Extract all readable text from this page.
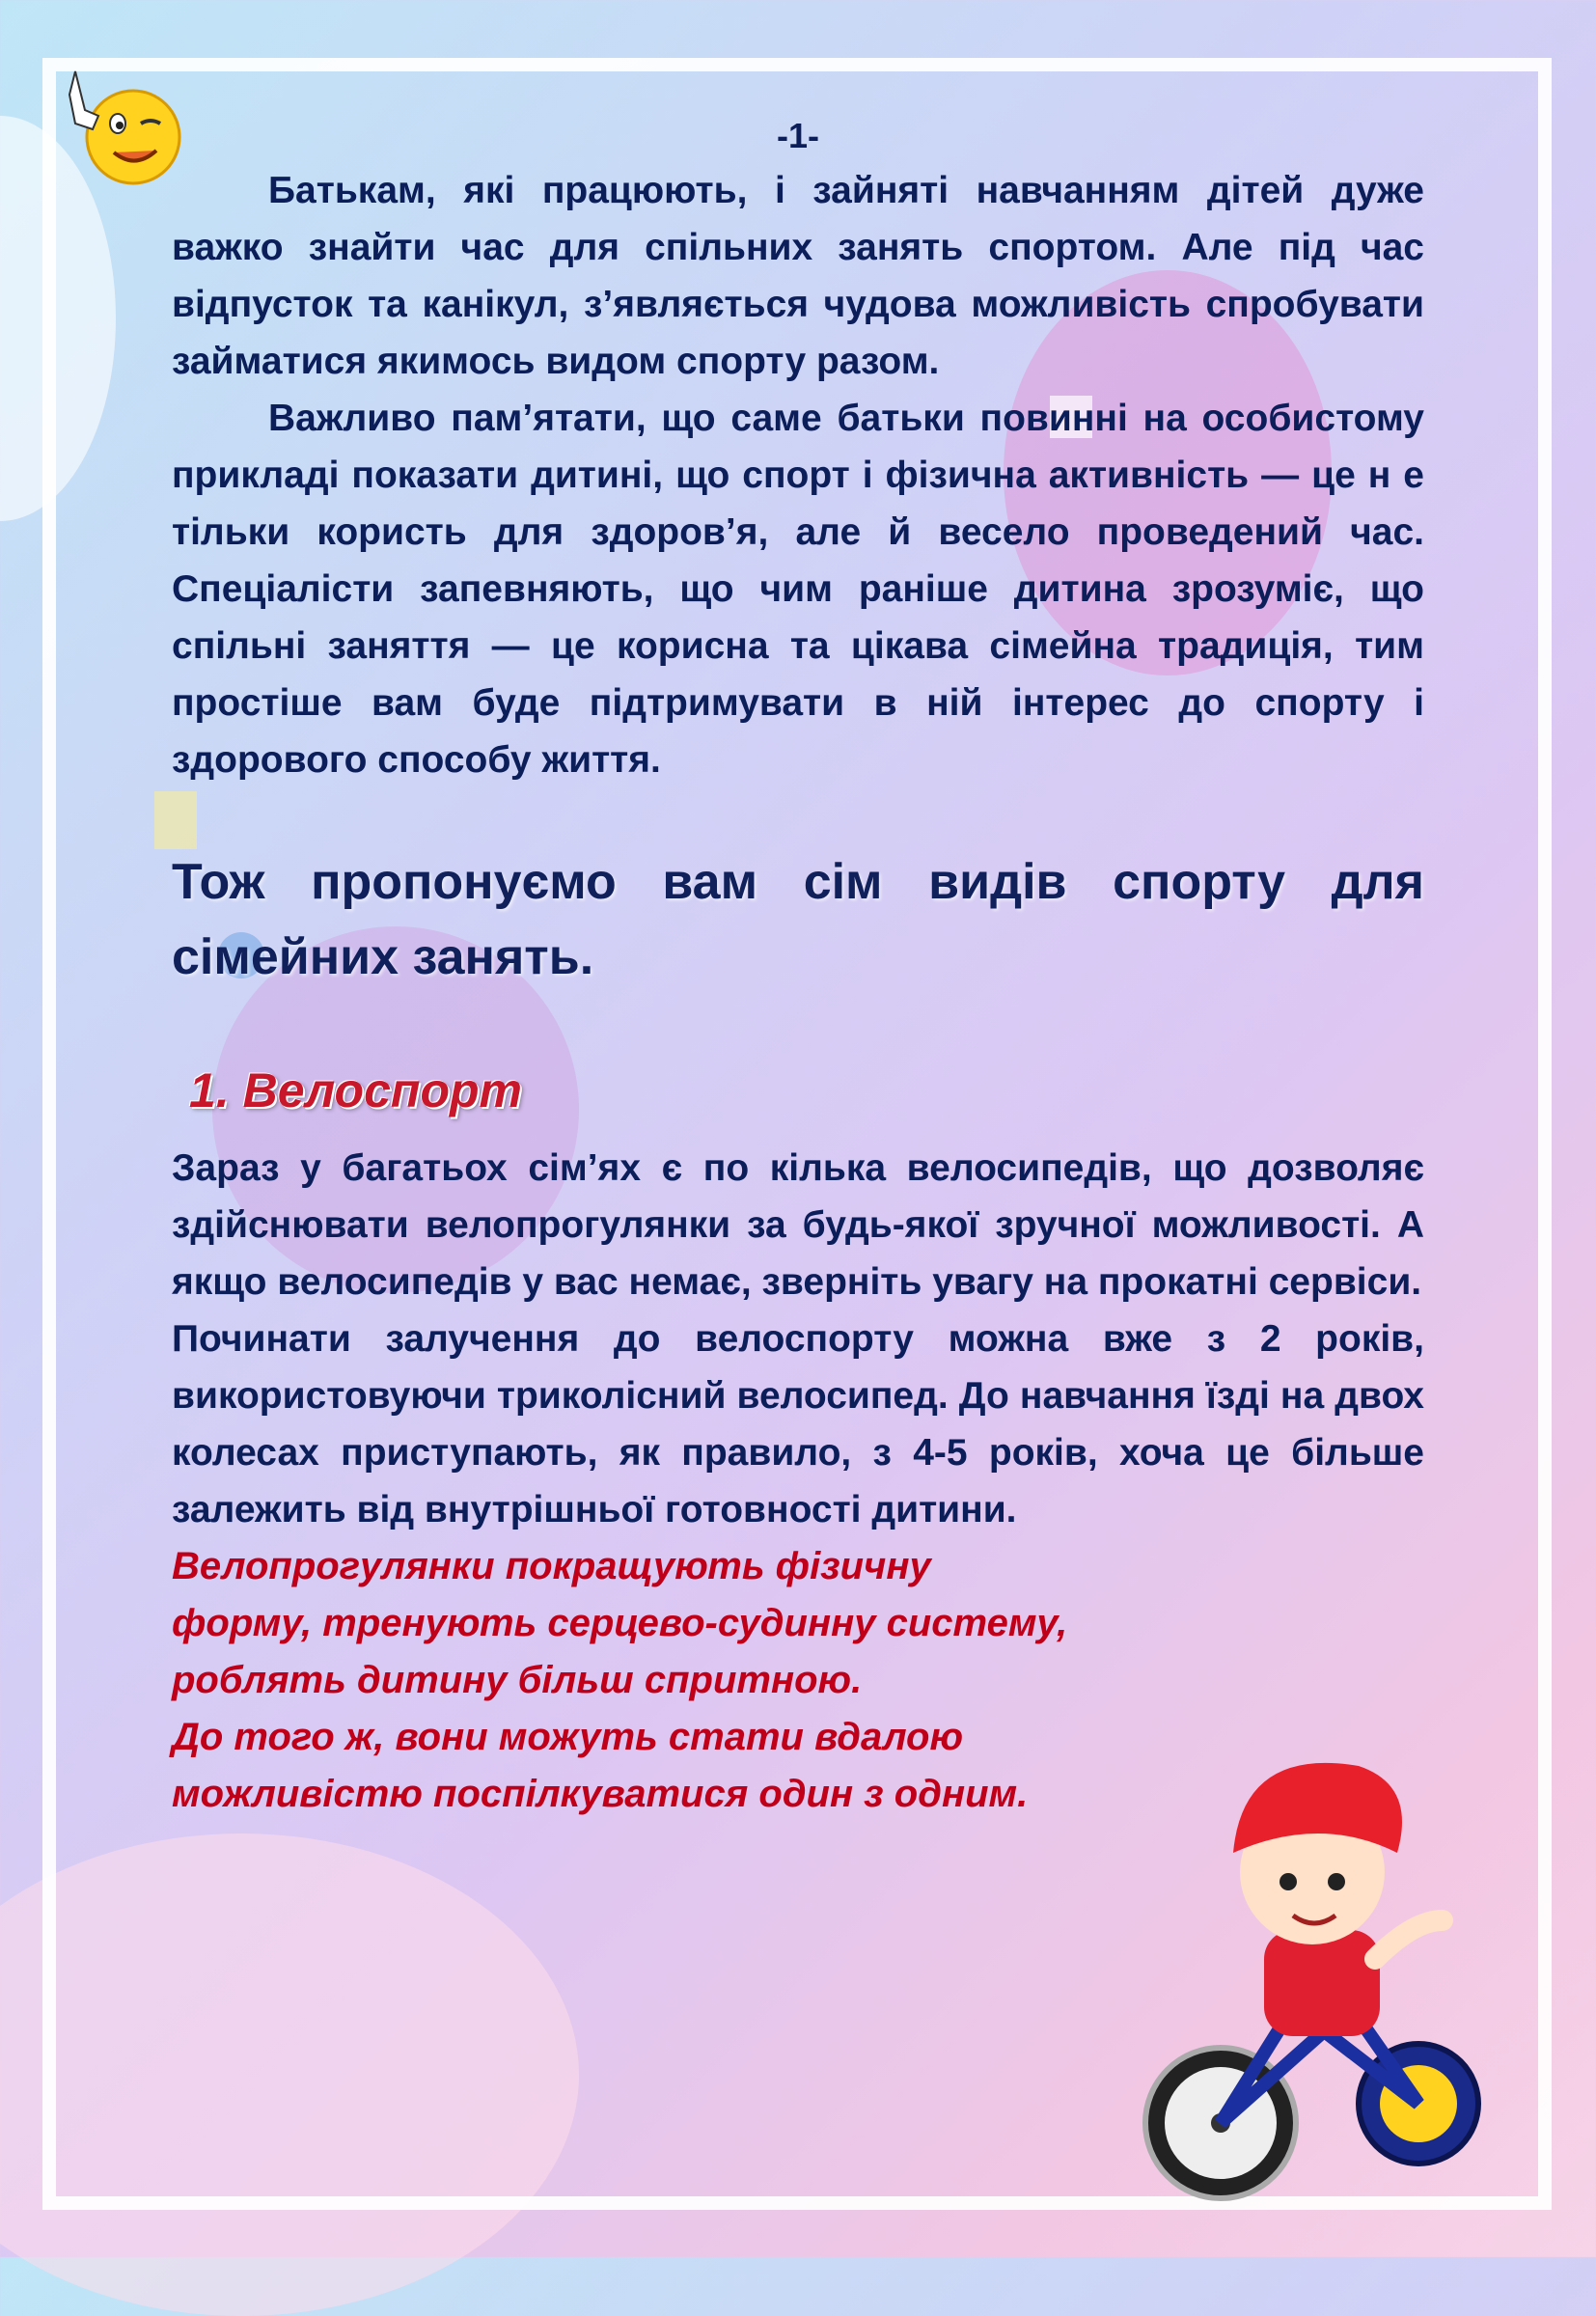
-1-

Батькам, які працюють, і зайняті навчанням дітей дуже важко знайти час для спільних занять спортом. Але під час відпусток та канікул, з’являється чудова можливість спробувати займатися якимось видом спорту разом.

Важливо пам’ятати, що саме батьки повинні на особистому прикладі показати дитині, що спорт і фізична активність — це н е тільки користь для здоров’я, але й весело проведений час. Спеціалісти запевняють, що чим раніше дитина зрозуміє, що спільні заняття — це корисна та цікава сімейна традиція, тим простіше вам буде підтримувати в ній інтерес до спорту і здорового способу життя.

Тож пропонуємо вам сім видів спорту для сімейних занять.
1. Велоспорт

Зараз у багатьох сім’ях є по кілька велосипедів, що дозволяє здійснювати велопрогулянки за будь-якої зручної можливості. А якщо велосипедів у вас немає, зверніть увагу на прокатні сервіси.

Починати залучення до велоспорту можна вже з 2 років, використовуючи триколісний велосипед. До навчання їзді на двох колесах приступають, як правило, з 4-5 років, хоча це більше залежить від внутрішньої готовності дитини.

Велопрогулянки покращують фізичну
форму, тренують серцево-судинну систему,
роблять дитину більш спритною.
До того ж, вони можуть стати вдалою
можливістю поспілкуватися один з одним.
